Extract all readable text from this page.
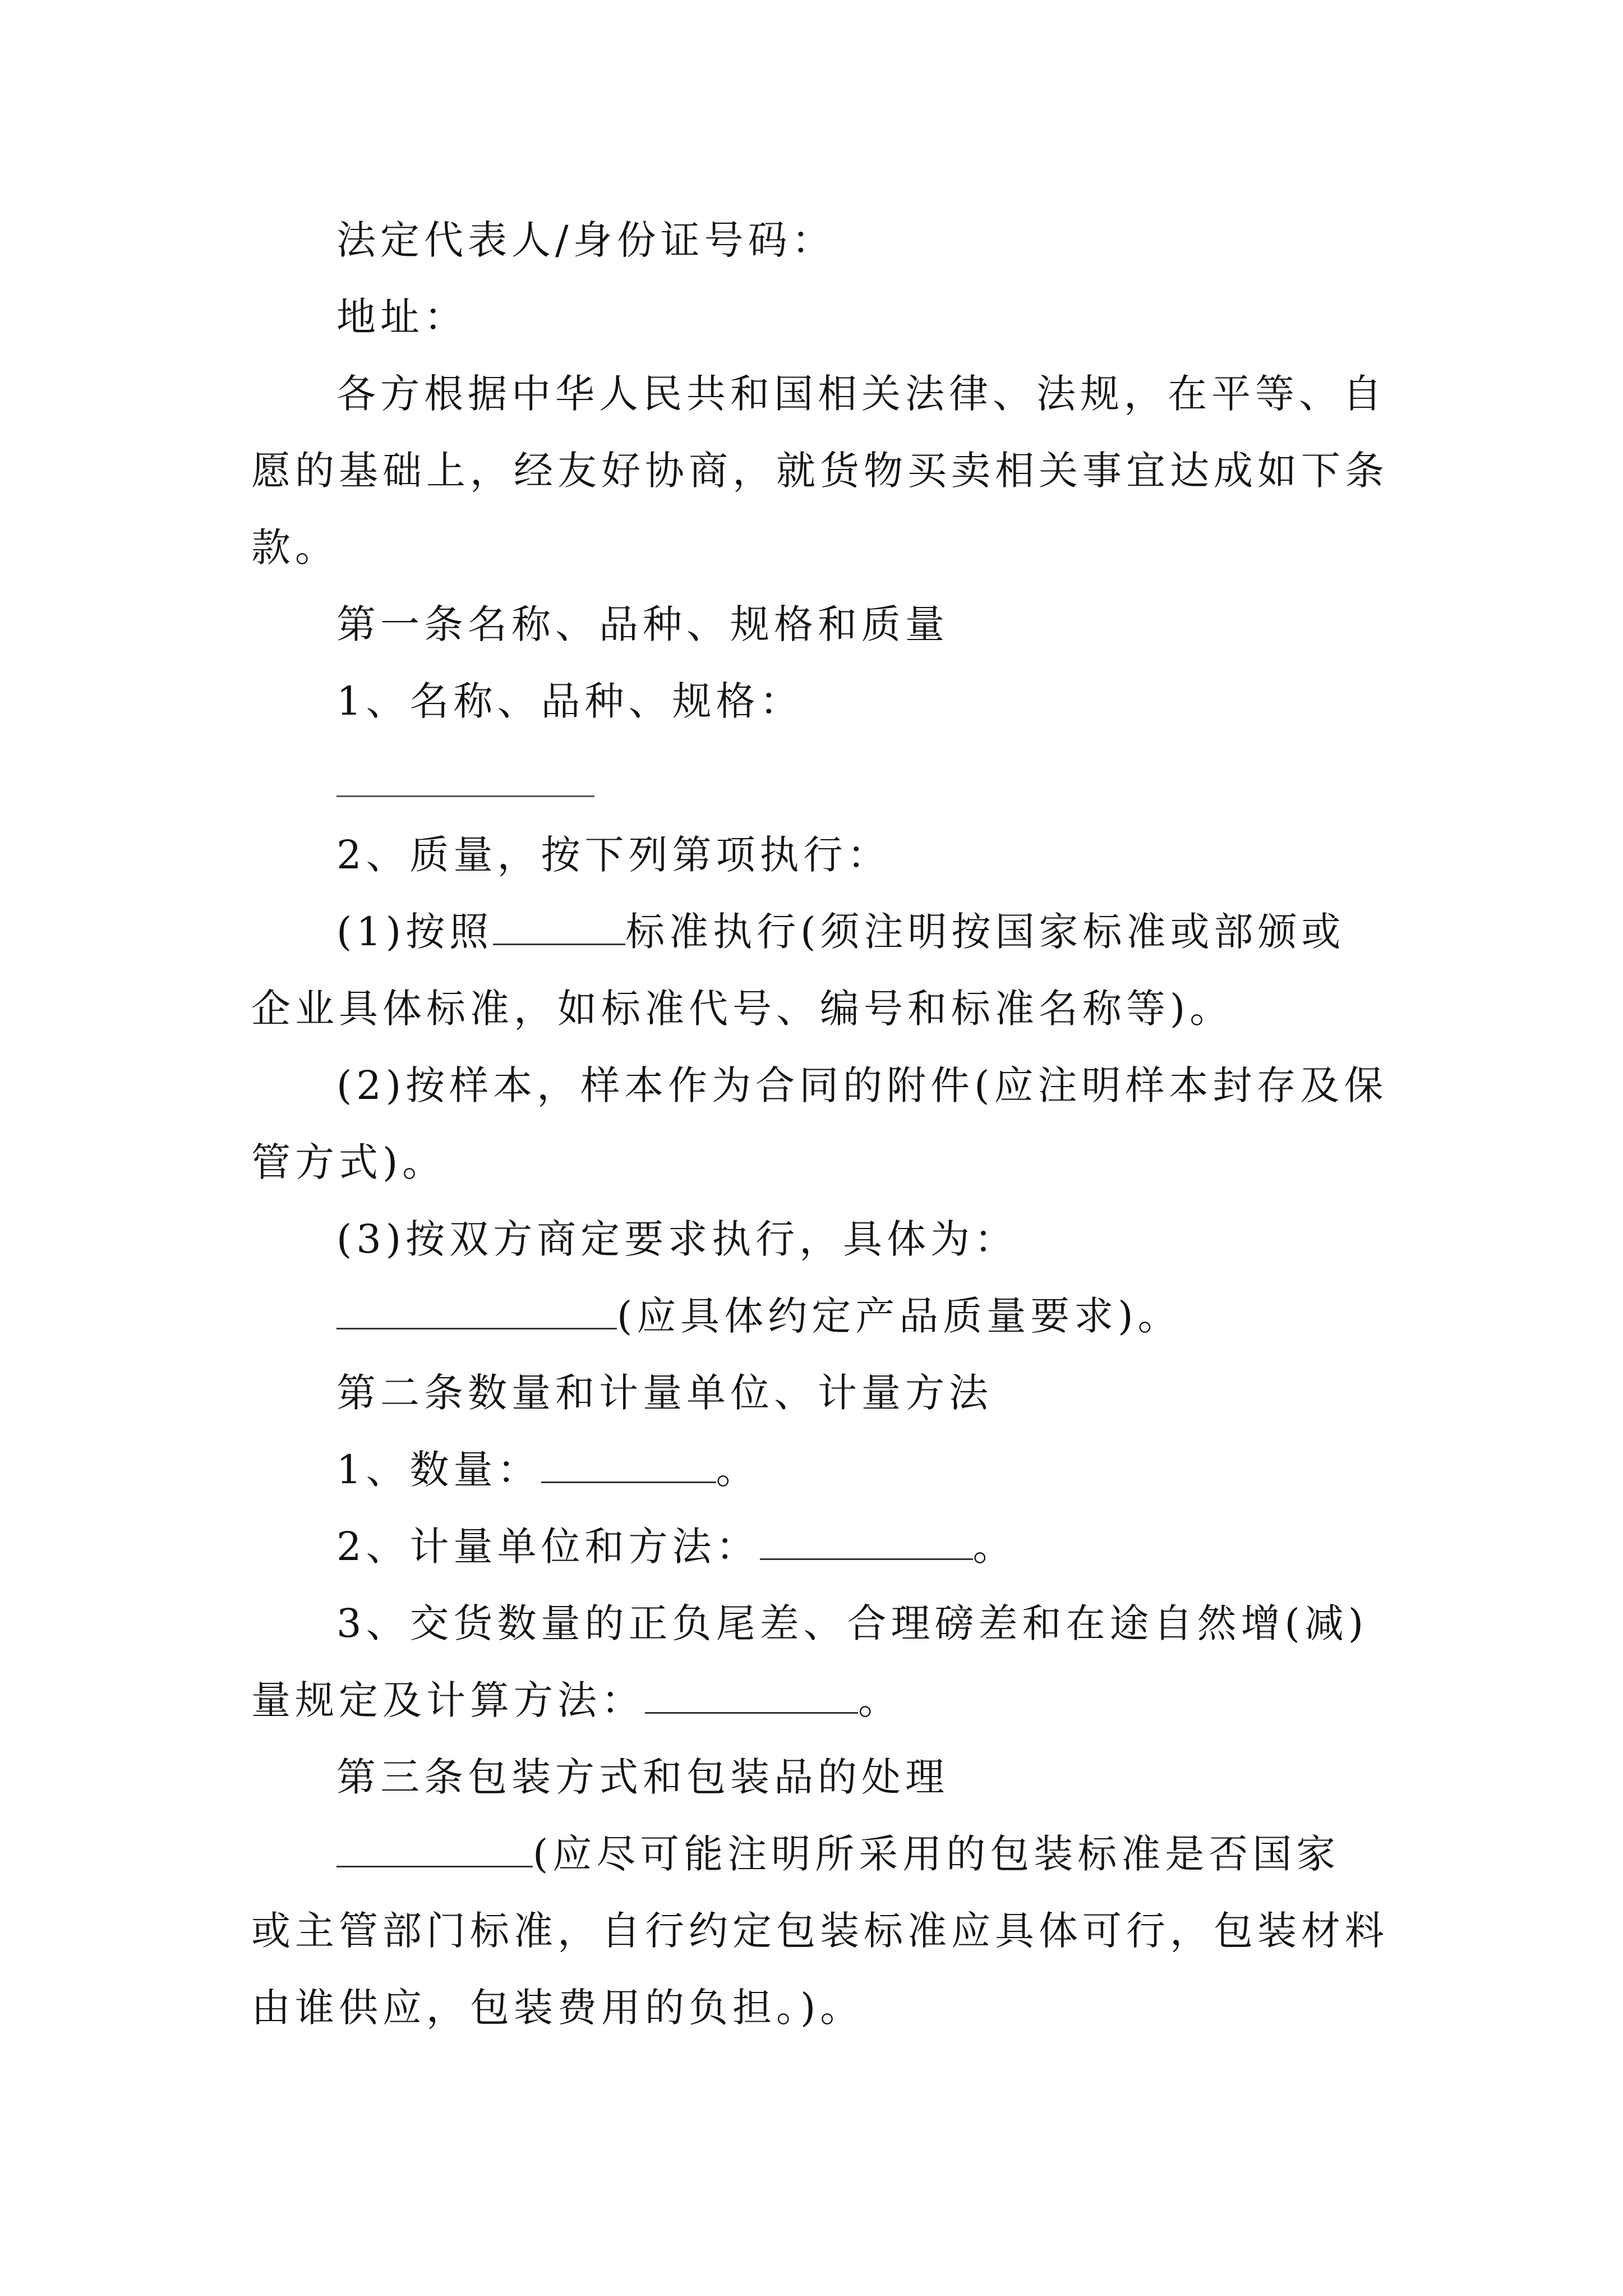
法定代表人/身份证号码：
地址：
各方根据中华人民共和国相关法律、法规，在平等、自
愿的基础上，经友好协商，就货物买卖相关事宜达成如下条
款。
第一条名称、品种、规格和质量
1、名称、品种、规格：
2、质量，按下列第项执行：
(1)按照	标准执行(须注明按国家标准或部颁或
企业具体标准，如标准代号、编号和标准名称等)。
(2)按样本，样本作为合同的附件(应注明样本封存及保
管方式)。
(3)按双方商定要求执行，具体为：
(应具体约定产品质量要求)。
第二条数量和计量单位、计量方法
1、数量：	。
2、计量单位和方法：	。
3、交货数量的正负尾差、合理磅差和在途自然增(减)
量规定及计算方法：	。
第三条包装方式和包装品的处理
(应尽可能注明所采用的包装标准是否国家
或主管部门标准，自行约定包装标准应具体可行，包装材料
由谁供应，包装费用的负担。)。
